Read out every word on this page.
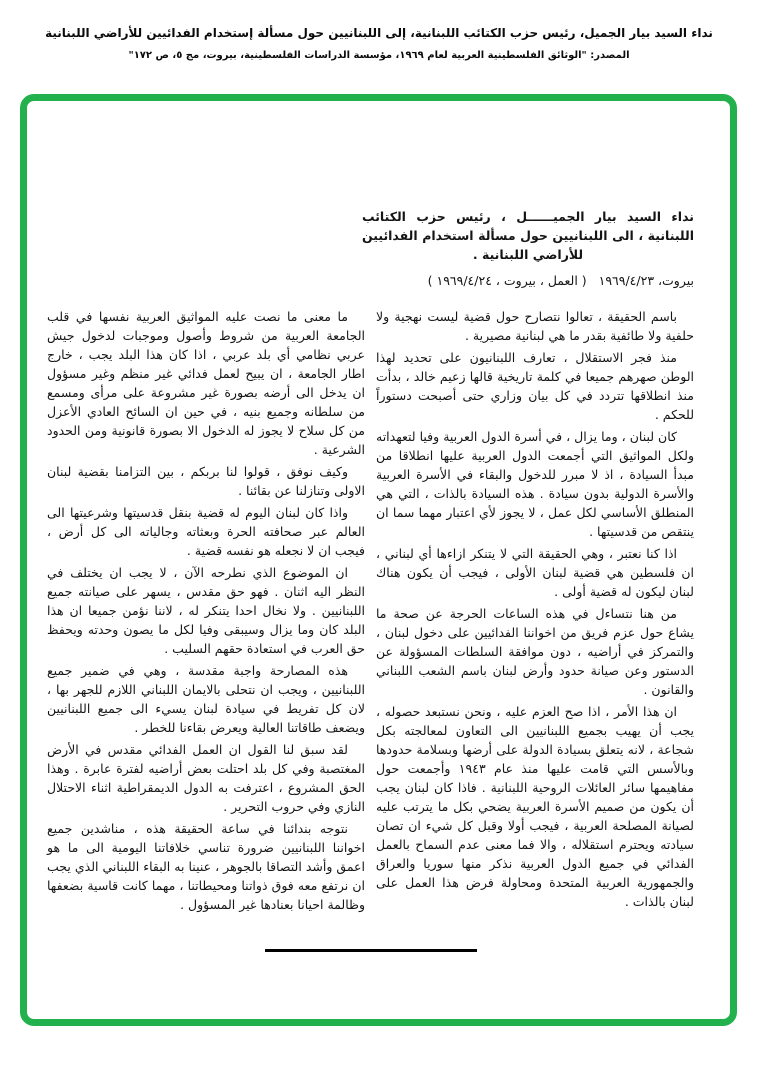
نداء السيد بيار الجميل، رئيس حزب الكتائب اللبنانية، إلى اللبنانيين حول مسألة إستخدام الفدائيين للأراضي اللبنانية
المصدر: "الوثائق الفلسطينية العربية لعام ١٩٦٩، مؤسسة الدراسات الفلسطينية، بيروت، مج ٥، ص ١٧٢"
نداء السيد بيار الجميــــــل ، رئيس حزب الكتائب
اللبنانية ، الى اللبنانيين حول مسألة استخدام الفدائيين
للأراضي اللبنانية .
بيروت، ١٩٦٩/٤/٢٣   ( العمل ، بيروت ، ١٩٦٩/٤/٢٤ )
باسم الحقيقة ، تعالوا نتصارح حول قضية ليست نهجية ولا حلفية ولا طائفية بقدر ما هي لبنانية مصيرية .
منذ فجر الاستقلال ، تعارف اللبنانيون على تحديد لهذا الوطن صهرهم جميعا في كلمة تاريخية قالها زعيم خالد ، بدأت منذ انطلاقها تتردد في كل بيان وزاري حتى أصبحت دستوراً للحكم .
كان لبنان ، وما يزال ، في أسرة الدول العربية وفيا لتعهداته ولكل المواثيق التي أجمعت الدول العربية عليها انطلاقا من مبدأ السيادة ، اذ لا مبرر للدخول والبقاء في الأسرة العربية والأسرة الدولية بدون سيادة . هذه السيادة بالذات ، التي هي المنطلق الأساسي لكل عمل ، لا يجوز لأي اعتبار مهما سما ان ينتقص من قدسيتها .
اذا كنا نعتبر ، وهي الحقيقة التي لا يتنكر ازاءها أي لبناني ، ان فلسطين هي قضية لبنان الأولى ، فيجب أن يكون هناك لبنان ليكون له قضية أولى .
من هنا نتساءل في هذه الساعات الحرجة عن صحة ما يشاع حول عزم فريق من اخواننا الفدائيين على دخول لبنان ، والتمركز في أراضيه ، دون موافقة السلطات المسؤولة عن الدستور وعن صيانة حدود وأرض لبنان باسم الشعب اللبناني والقانون .
ان هذا الأمر ، اذا صح العزم عليه ، ونحن نستبعد حصوله ، يجب أن يهيب بجميع اللبنانيين الى التعاون لمعالجته بكل شجاعة ، لانه يتعلق بسيادة الدولة على أرضها وبسلامة حدودها وبالأسس التي قامت عليها منذ عام ١٩٤٣ وأجمعت حول مفاهيمها سائر العائلات الروحية اللبنانية . فاذا كان لبنان يجب أن يكون من صميم الأسرة العربية يضحي بكل ما يترتب عليه لصيانة المصلحة العربية ، فيجب أولا وقبل كل شيء ان تصان سيادته ويحترم استقلاله ، والا فما معنى عدم السماح بالعمل الفدائي في جميع الدول العربية نذكر منها سوريا والعراق والجمهورية العربية المتحدة ومحاولة فرض هذا العمل على لبنان بالذات .
ما معنى ما نصت عليه المواثيق العربية نفسها في قلب الجامعة العربية من شروط وأصول وموجبات لدخول جيش عربي نظامي أي بلد عربي ، اذا كان هذا البلد يجب ، خارج اطار الجامعة ، ان يبيح لعمل فدائي غير منظم وغير مسؤول ان يدخل الى أرضه بصورة غير مشروعة على مرأى ومسمع من سلطانه وجميع بنيه ، في حين ان السائح العادي الأعزل من كل سلاح لا يجوز له الدخول الا بصورة قانونية ومن الحدود الشرعية .
وكيف نوفق ، قولوا لنا بربكم ، بين التزامنا بقضية لبنان الاولى وتنازلنا عن بقائنا .
واذا كان لبنان اليوم له قضية بنقل قدسيتها وشرعيتها الى العالم عبر صحافته الحرة وبعثاته وجالياته الى كل أرض ، فيجب ان لا نجعله هو نفسه قضية .
ان الموضوع الذي نطرحه الآن ، لا يجب ان يختلف في النظر اليه اثنان . فهو حق مقدس ، يسهر على صيانته جميع اللبنانيين . ولا نخال احدا يتنكر له ، لاننا نؤمن جميعا ان هذا البلد كان وما يزال وسيبقى وفيا لكل ما يصون وحدته ويحفظ حق العرب في استعادة حقهم السليب .
هذه المصارحة واجبة مقدسة ، وهي في ضمير جميع اللبنانيين ، ويجب ان نتحلى بالايمان اللبناني اللازم للجهر بها ، لان كل تفريط في سيادة لبنان يسيء الى جميع اللبنانيين ويضعف طاقاتنا العالية ويعرض بقاءنا للخطر .
لقد سبق لنا القول ان العمل الفدائي مقدس في الأرض المغتصبة وفي كل بلد احتلت بعض أراضيه لفترة عابرة . وهذا الحق المشروع ، اعترفت به الدول الديمقراطية اثناء الاحتلال النازي وفي حروب التحرير .
نتوجه بندائنا في ساعة الحقيقة هذه ، مناشدين جميع اخواننا اللبنانيين ضرورة تناسي خلافاتنا اليومية الى ما هو اعمق وأشد التصاقا بالجوهر ، عنينا به البقاء اللبناني الذي يجب ان نرتفع معه فوق ذواتنا ومحيطاتنا ، مهما كانت قاسية بضعفها وظالمة احيانا بعنادها غير المسؤول .
